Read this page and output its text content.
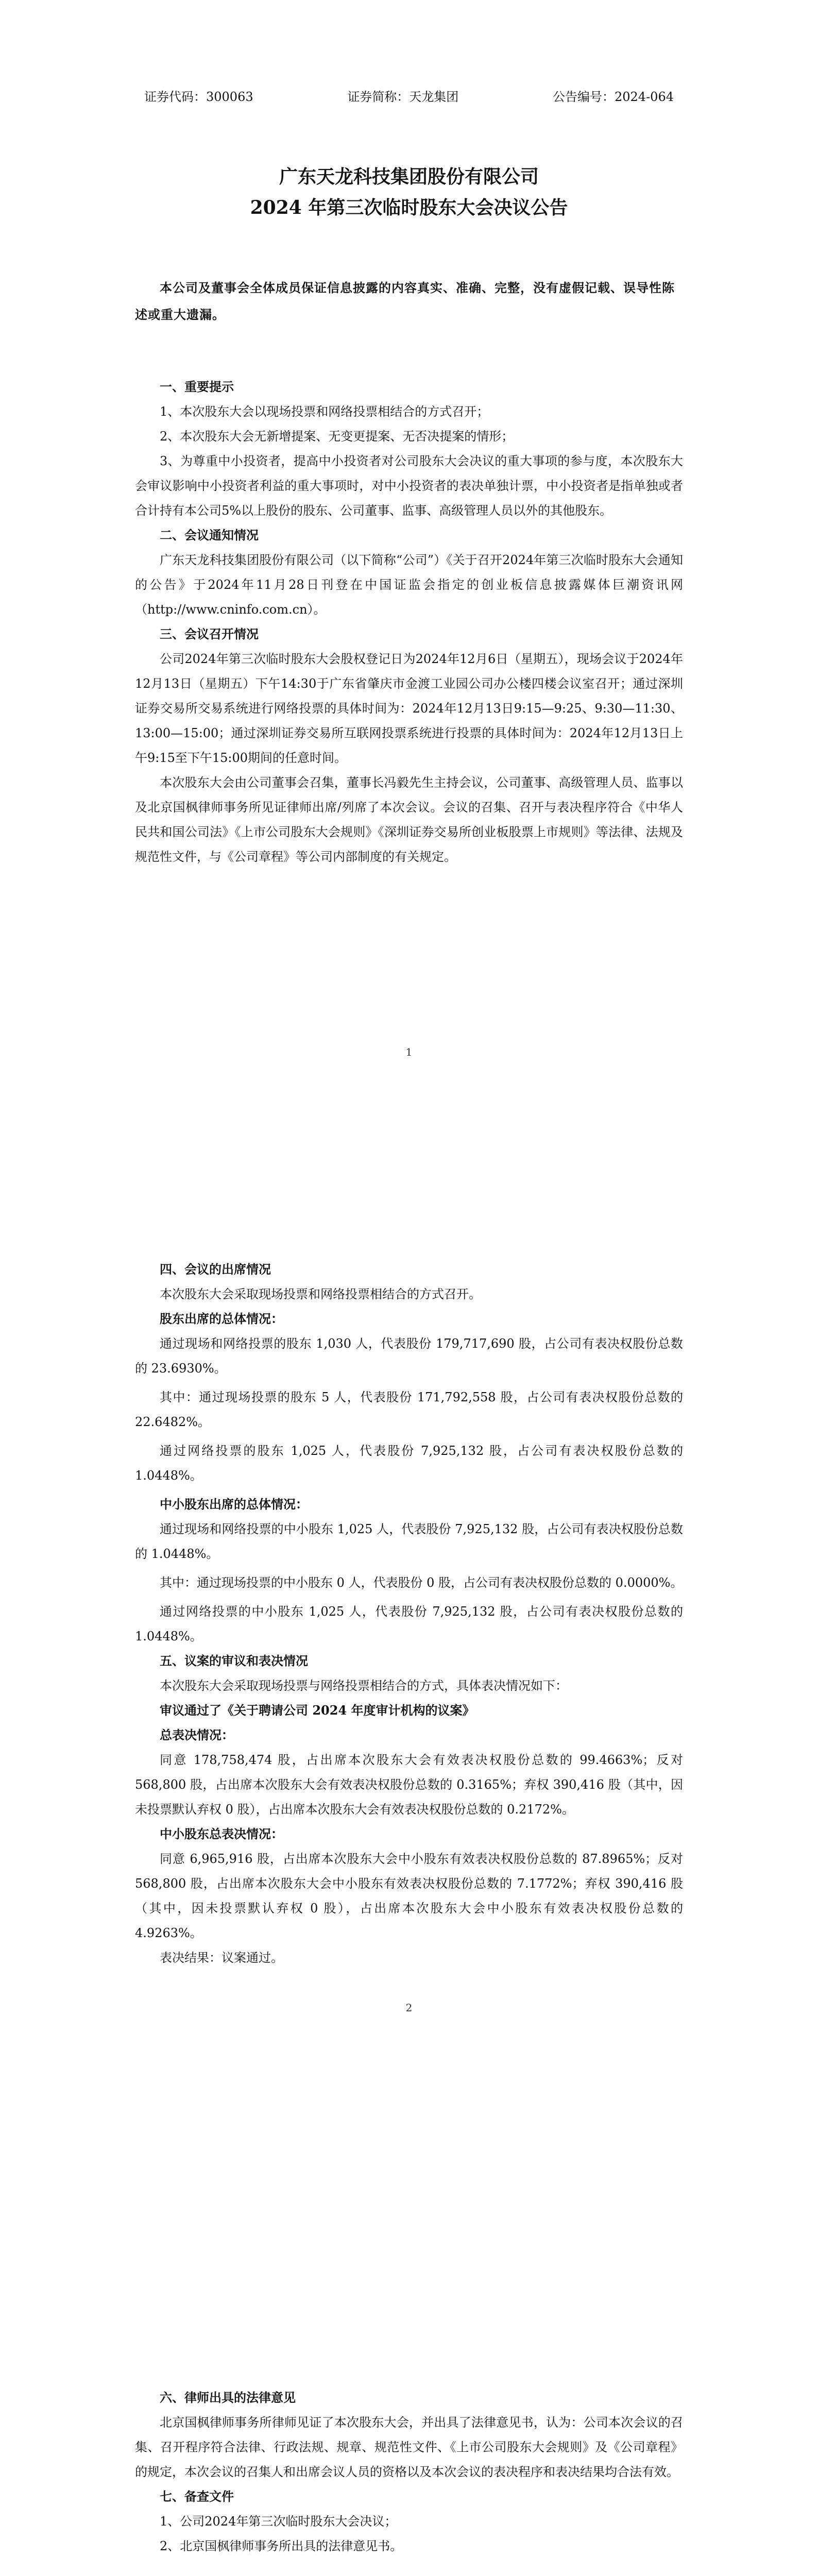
证券代码：300063	证券简称：天龙集团	公告编号：2024-064

广东天龙科技集团股份有限公司

2024 年第三次临时股东大会决议公告

本公司及董事会全体成员保证信息披露的内容真实、准确、完整，没有虚假记载、误导性陈述或重大遗漏。

一、重要提示

1、本次股东大会以现场投票和网络投票相结合的方式召开；

2、本次股东大会无新增提案、无变更提案、无否决提案的情形；

3、为尊重中小投资者，提高中小投资者对公司股东大会决议的重大事项的参与度，本次股东大会审议影响中小投资者利益的重大事项时，对中小投资者的表决单独计票，中小投资者是指单独或者合计持有本公司5%以上股份的股东、公司董事、监事、高级管理人员以外的其他股东。

二、会议通知情况

广东天龙科技集团股份有限公司（以下简称“公司”）《关于召开2024年第三次临时股东大会通知的公告》于2024年11月28日刊登在中国证监会指定的创业板信息披露媒体巨潮资讯网（http://www.cninfo.com.cn）。

三、会议召开情况

公司2024年第三次临时股东大会股权登记日为2024年12月6日（星期五），现场会议于2024年12月13日（星期五）下午14:30于广东省肇庆市金渡工业园公司办公楼四楼会议室召开；通过深圳证券交易所交易系统进行网络投票的具体时间为：2024年12月13日9:15—9:25、9:30—11:30、13:00—15:00；通过深圳证券交易所互联网投票系统进行投票的具体时间为：2024年12月13日上午9:15至下午15:00期间的任意时间。

本次股东大会由公司董事会召集，董事长冯毅先生主持会议，公司董事、高级管理人员、监事以及北京国枫律师事务所见证律师出席/列席了本次会议。会议的召集、召开与表决程序符合《中华人民共和国公司法》《上市公司股东大会规则》《深圳证券交易所创业板股票上市规则》等法律、法规及规范性文件，与《公司章程》等公司内部制度的有关规定。

1

四、会议的出席情况

本次股东大会采取现场投票和网络投票相结合的方式召开。

股东出席的总体情况：

通过现场和网络投票的股东 1,030 人，代表股份 179,717,690 股，占公司有表决权股份总数的 23.6930%。

其中：通过现场投票的股东 5 人，代表股份 171,792,558 股，占公司有表决权股份总数的 22.6482%。

通过网络投票的股东 1,025 人，代表股份 7,925,132 股，占公司有表决权股份总数的 1.0448%。

中小股东出席的总体情况：

通过现场和网络投票的中小股东 1,025 人，代表股份 7,925,132 股，占公司有表决权股份总数的 1.0448%。

其中：通过现场投票的中小股东 0 人，代表股份 0 股，占公司有表决权股份总数的 0.0000%。

通过网络投票的中小股东 1,025 人，代表股份 7,925,132 股，占公司有表决权股份总数的 1.0448%。

五、议案的审议和表决情况

本次股东大会采取现场投票与网络投票相结合的方式，具体表决情况如下：

审议通过了《关于聘请公司 2024 年度审计机构的议案》

总表决情况：

同意 178,758,474 股，占出席本次股东大会有效表决权股份总数的 99.4663%；反对 568,800 股，占出席本次股东大会有效表决权股份总数的 0.3165%；弃权 390,416 股（其中，因未投票默认弃权 0 股），占出席本次股东大会有效表决权股份总数的 0.2172%。

中小股东总表决情况：

同意 6,965,916 股，占出席本次股东大会中小股东有效表决权股份总数的 87.8965%；反对 568,800 股，占出席本次股东大会中小股东有效表决权股份总数的 7.1772%；弃权 390,416 股（其中，因未投票默认弃权 0 股），占出席本次股东大会中小股东有效表决权股份总数的 4.9263%。

表决结果：议案通过。

2

六、律师出具的法律意见

北京国枫律师事务所律师见证了本次股东大会，并出具了法律意见书，认为：公司本次会议的召集、召开程序符合法律、行政法规、规章、规范性文件、《上市公司股东大会规则》及《公司章程》的规定，本次会议的召集人和出席会议人员的资格以及本次会议的表决程序和表决结果均合法有效。

七、备查文件

1、公司2024年第三次临时股东大会决议；

2、北京国枫律师事务所出具的法律意见书。
